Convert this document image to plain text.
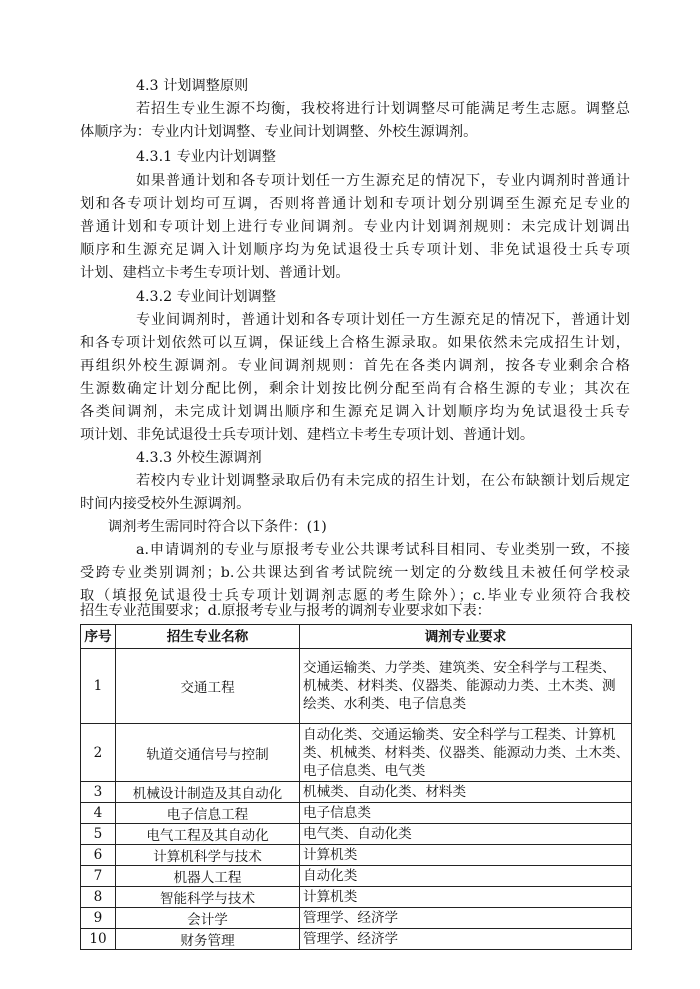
4.3 计划调整原则
若招生专业生源不均衡，我校将进行计划调整尽可能满足考生志愿。调整总
体顺序为：专业内计划调整、专业间计划调整、外校生源调剂。
4.3.1 专业内计划调整
如果普通计划和各专项计划任一方生源充足的情况下，专业内调剂时普通计
划和各专项计划均可互调，否则将普通计划和专项计划分别调至生源充足专业的
普通计划和专项计划上进行专业间调剂。专业内计划调剂规则：未完成计划调出
顺序和生源充足调入计划顺序均为免试退役士兵专项计划、非免试退役士兵专项
计划、建档立卡考生专项计划、普通计划。
4.3.2 专业间计划调整
专业间调剂时，普通计划和各专项计划任一方生源充足的情况下，普通计划
和各专项计划依然可以互调，保证线上合格生源录取。如果依然未完成招生计划，
再组织外校生源调剂。专业间调剂规则：首先在各类内调剂，按各专业剩余合格
生源数确定计划分配比例，剩余计划按比例分配至尚有合格生源的专业；其次在
各类间调剂，未完成计划调出顺序和生源充足调入计划顺序均为免试退役士兵专
项计划、非免试退役士兵专项计划、建档立卡考生专项计划、普通计划。
4.3.3 外校生源调剂
若校内专业计划调整录取后仍有未完成的招生计划，在公布缺额计划后规定
时间内接受校外生源调剂。
调剂考生需同时符合以下条件：(1)
a.申请调剂的专业与原报考专业公共课考试科目相同、专业类别一致，不接
受跨专业类别调剂；b.公共课达到省考试院统一划定的分数线且未被任何学校录
取（填报免试退役士兵专项计划调剂志愿的考生除外）；c.毕业专业须符合我校
招生专业范围要求；d.原报考专业与报考的调剂专业要求如下表：
序号	招生专业名称	调剂专业要求
1	交通工程	交通运输类、力学类、建筑类、安全科学与工程类、
机械类、材料类、仪器类、能源动力类、土木类、测
绘类、水利类、电子信息类

2	轨道交通信号与控制	自动化类、交通运输类、安全科学与工程类、计算机
类、机械类、材料类、仪器类、能源动力类、土木类、
电子信息类、电气类

3	机械设计制造及其自动化	机械类、自动化类、材料类
4	电子信息工程	电子信息类
5	电气工程及其自动化	电气类、自动化类
6	计算机科学与技术	计算机类
7	机器人工程	自动化类
8	智能科学与技术	计算机类
9	会计学	管理学、经济学
10	财务管理	管理学、经济学
